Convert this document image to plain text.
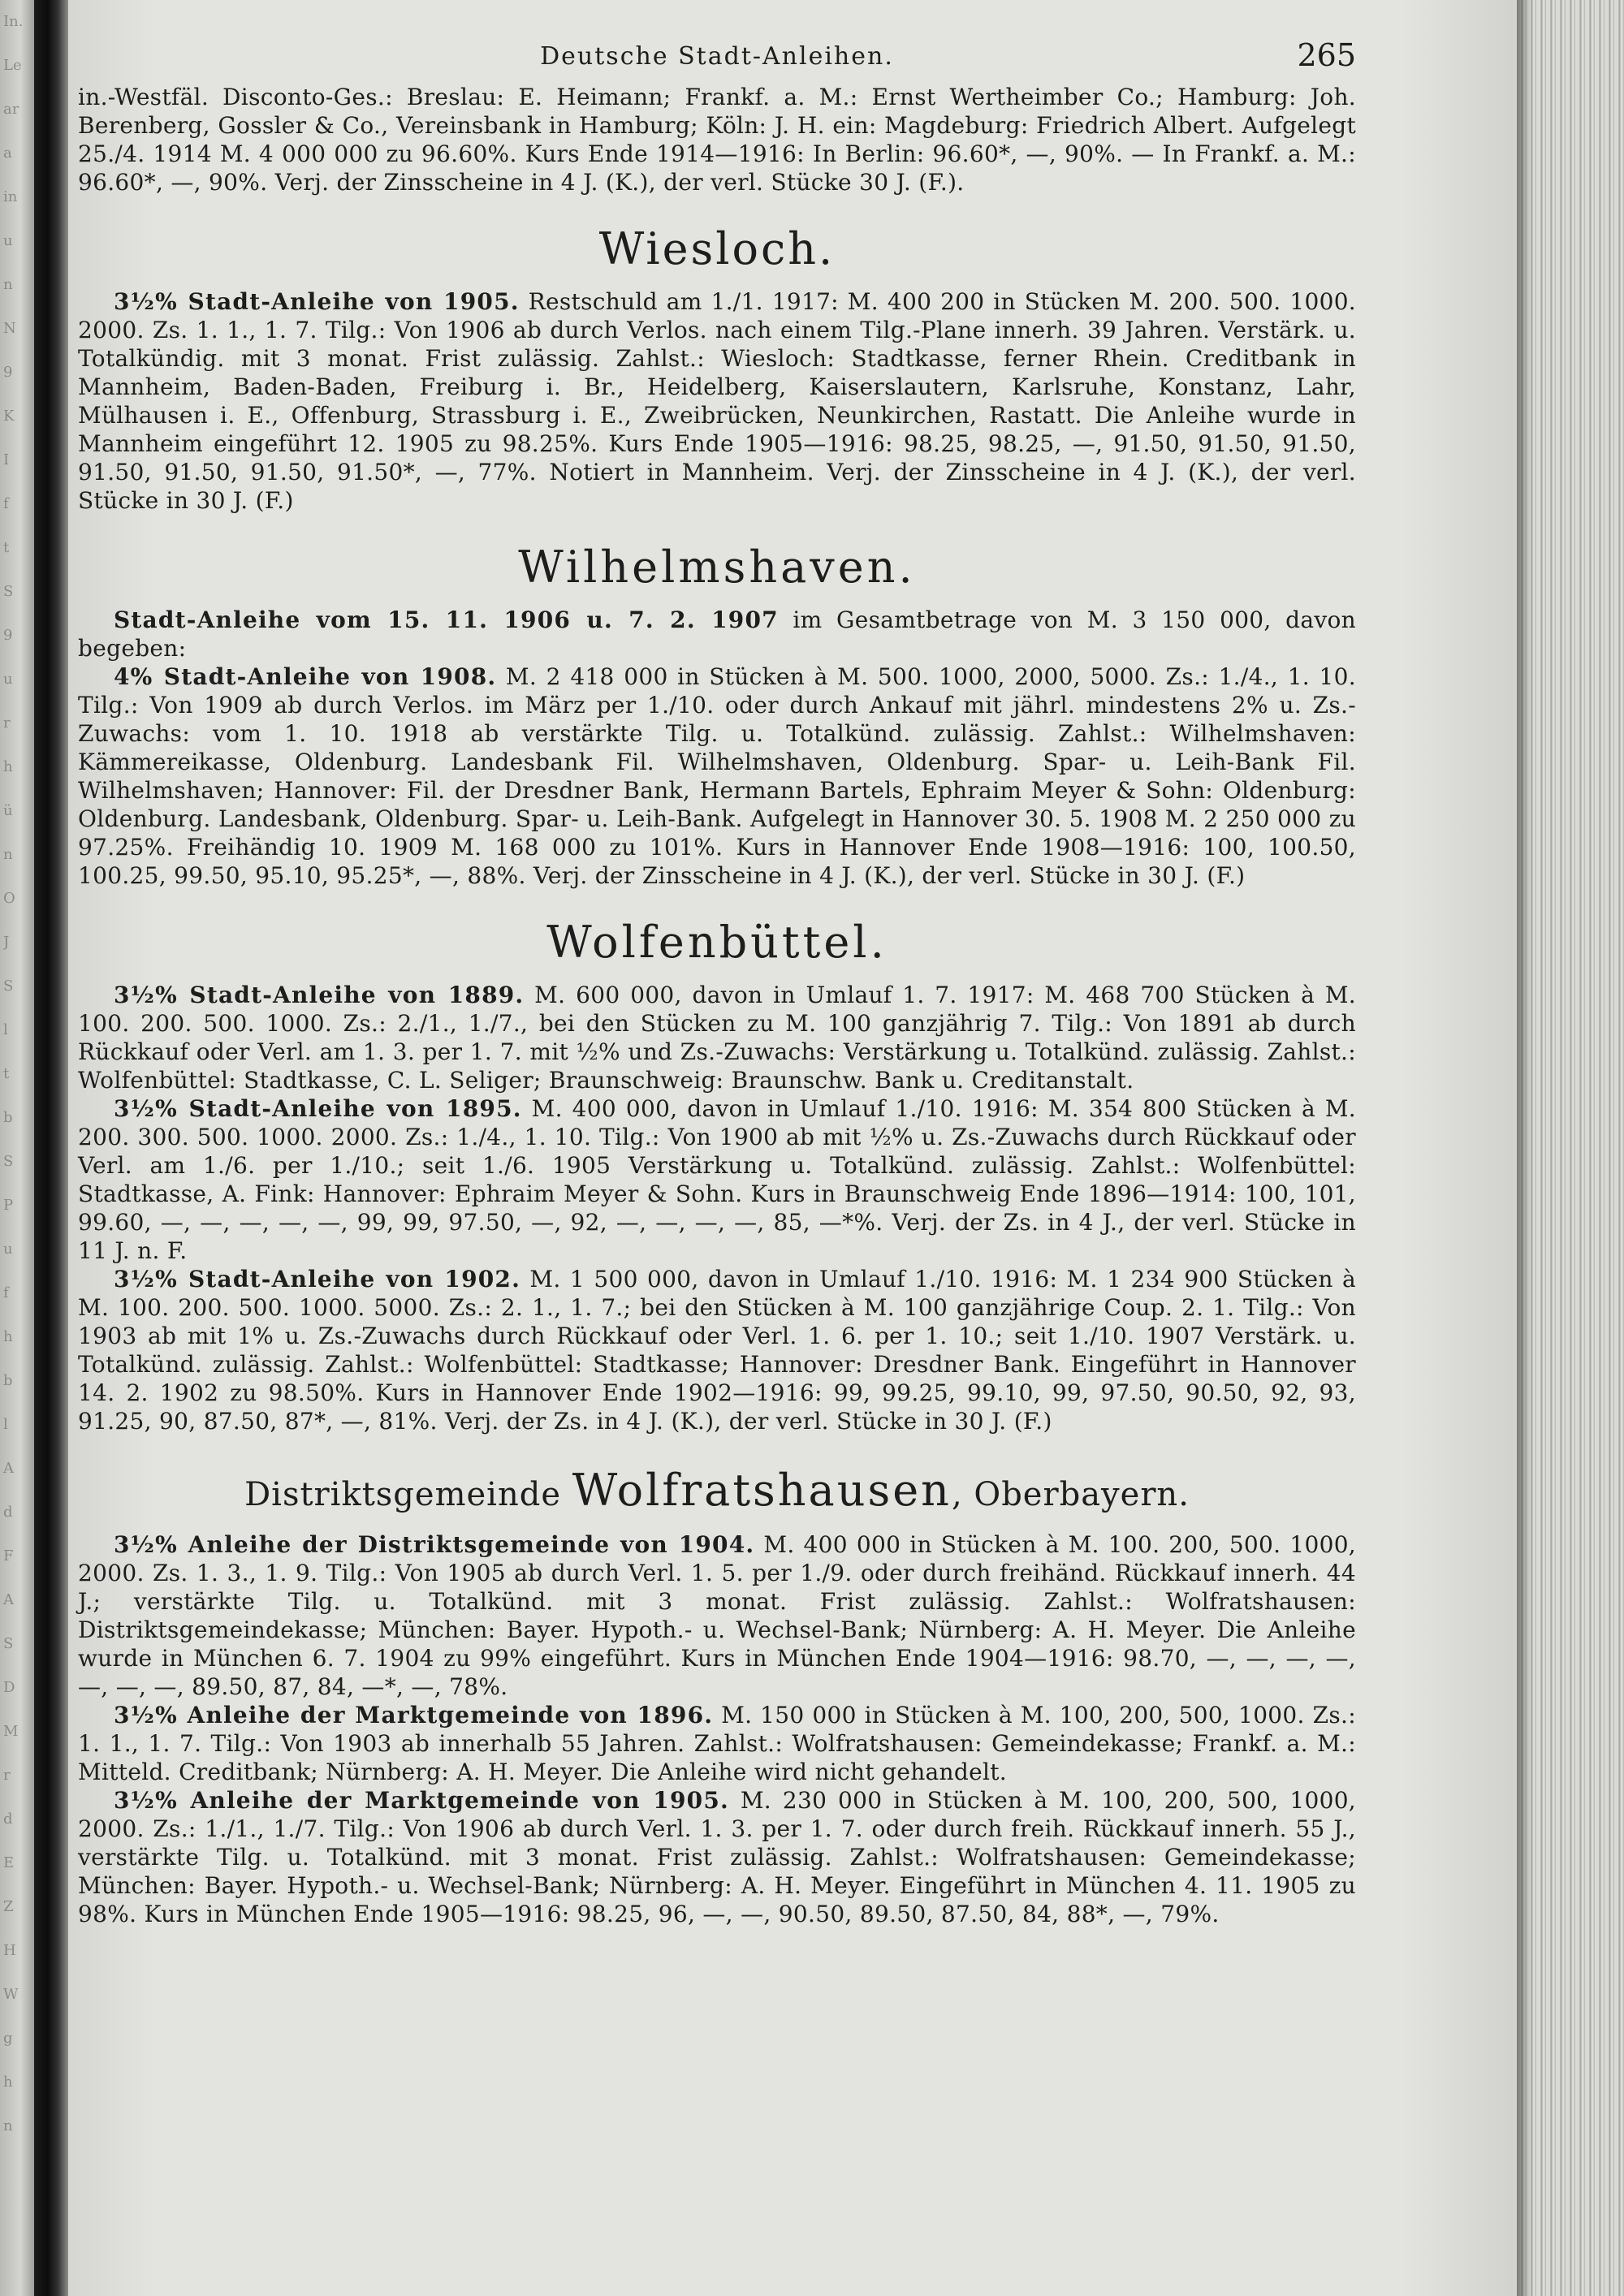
In.
Le
ar
a
in
u
n
N
9
K
I
f
t
S
9
u
r
h
ü
n
O
J
S
l
t
b
S
P
u
f
h
b
l
A
d
F
A
S
D
M
r
d
E
Z
H
W
g
h
n
Deutsche Stadt-Anleihen.	265

in.-Westfäl. Disconto-Ges.: Breslau: E. Heimann; Frankf. a. M.: Ernst Wertheimber Co.; Hamburg: Joh. Berenberg, Gossler & Co., Vereinsbank in Hamburg; Köln: J. H. ein: Magdeburg: Friedrich Albert. Aufgelegt 25./4. 1914 M. 4 000 000 zu 96.60%. Kurs Ende 1914—1916: In Berlin: 96.60*, —, 90%. — In Frankf. a. M.: 96.60*, —, 90%. Verj. der Zinsscheine in 4 J. (K.), der verl. Stücke 30 J. (F.).

Wiesloch.

3½% Stadt-Anleihe von 1905. Restschuld am 1./1. 1917: M. 400 200 in Stücken M. 200. 500. 1000. 2000. Zs. 1. 1., 1. 7. Tilg.: Von 1906 ab durch Verlos. nach einem Tilg.-Plane innerh. 39 Jahren. Verstärk. u. Totalkündig. mit 3 monat. Frist zulässig. Zahlst.: Wiesloch: Stadtkasse, ferner Rhein. Creditbank in Mannheim, Baden-Baden, Freiburg i. Br., Heidelberg, Kaiserslautern, Karlsruhe, Konstanz, Lahr, Mülhausen i. E., Offenburg, Strassburg i. E., Zweibrücken, Neunkirchen, Rastatt. Die Anleihe wurde in Mannheim eingeführt 12. 1905 zu 98.25%. Kurs Ende 1905—1916: 98.25, 98.25, —, 91.50, 91.50, 91.50, 91.50, 91.50, 91.50, 91.50*, —, 77%. Notiert in Mannheim. Verj. der Zinsscheine in 4 J. (K.), der verl. Stücke in 30 J. (F.)

Wilhelmshaven.

Stadt-Anleihe vom 15. 11. 1906 u. 7. 2. 1907 im Gesamtbetrage von M. 3 150 000, davon begeben:

4% Stadt-Anleihe von 1908. M. 2 418 000 in Stücken à M. 500. 1000, 2000, 5000. Zs.: 1./4., 1. 10. Tilg.: Von 1909 ab durch Verlos. im März per 1./10. oder durch Ankauf mit jährl. mindestens 2% u. Zs.-Zuwachs: vom 1. 10. 1918 ab verstärkte Tilg. u. Totalkünd. zulässig. Zahlst.: Wilhelmshaven: Kämmereikasse, Oldenburg. Landesbank Fil. Wilhelmshaven, Oldenburg. Spar- u. Leih-Bank Fil. Wilhelmshaven; Hannover: Fil. der Dresdner Bank, Hermann Bartels, Ephraim Meyer & Sohn: Oldenburg: Oldenburg. Landesbank, Oldenburg. Spar- u. Leih-Bank. Aufgelegt in Hannover 30. 5. 1908 M. 2 250 000 zu 97.25%. Freihändig 10. 1909 M. 168 000 zu 101%. Kurs in Hannover Ende 1908—1916: 100, 100.50, 100.25, 99.50, 95.10, 95.25*, —, 88%. Verj. der Zinsscheine in 4 J. (K.), der verl. Stücke in 30 J. (F.)

Wolfenbüttel.

3½% Stadt-Anleihe von 1889. M. 600 000, davon in Umlauf 1. 7. 1917: M. 468 700 Stücken à M. 100. 200. 500. 1000. Zs.: 2./1., 1./7., bei den Stücken zu M. 100 ganzjährig 7. Tilg.: Von 1891 ab durch Rückkauf oder Verl. am 1. 3. per 1. 7. mit ½% und Zs.-Zuwachs: Verstärkung u. Totalkünd. zulässig. Zahlst.: Wolfenbüttel: Stadtkasse, C. L. Seliger; Braunschweig: Braunschw. Bank u. Creditanstalt.

3½% Stadt-Anleihe von 1895. M. 400 000, davon in Umlauf 1./10. 1916: M. 354 800 Stücken à M. 200. 300. 500. 1000. 2000. Zs.: 1./4., 1. 10. Tilg.: Von 1900 ab mit ½% u. Zs.-Zuwachs durch Rückkauf oder Verl. am 1./6. per 1./10.; seit 1./6. 1905 Verstärkung u. Totalkünd. zulässig. Zahlst.: Wolfenbüttel: Stadtkasse, A. Fink: Hannover: Ephraim Meyer & Sohn. Kurs in Braunschweig Ende 1896—1914: 100, 101, 99.60, —, —, —, —, —, 99, 99, 97.50, —, 92, —, —, —, —, 85, —*%. Verj. der Zs. in 4 J., der verl. Stücke in 11 J. n. F.

3½% Stadt-Anleihe von 1902. M. 1 500 000, davon in Umlauf 1./10. 1916: M. 1 234 900 Stücken à M. 100. 200. 500. 1000. 5000. Zs.: 2. 1., 1. 7.; bei den Stücken à M. 100 ganzjährige Coup. 2. 1. Tilg.: Von 1903 ab mit 1% u. Zs.-Zuwachs durch Rückkauf oder Verl. 1. 6. per 1. 10.; seit 1./10. 1907 Verstärk. u. Totalkünd. zulässig. Zahlst.: Wolfenbüttel: Stadtkasse; Hannover: Dresdner Bank. Eingeführt in Hannover 14. 2. 1902 zu 98.50%. Kurs in Hannover Ende 1902—1916: 99, 99.25, 99.10, 99, 97.50, 90.50, 92, 93, 91.25, 90, 87.50, 87*, —, 81%. Verj. der Zs. in 4 J. (K.), der verl. Stücke in 30 J. (F.)

Distriktsgemeinde Wolfratshausen, Oberbayern.

3½% Anleihe der Distriktsgemeinde von 1904. M. 400 000 in Stücken à M. 100. 200, 500. 1000, 2000. Zs. 1. 3., 1. 9. Tilg.: Von 1905 ab durch Verl. 1. 5. per 1./9. oder durch freihänd. Rückkauf innerh. 44 J.; verstärkte Tilg. u. Totalkünd. mit 3 monat. Frist zulässig. Zahlst.: Wolfratshausen: Distriktsgemeindekasse; München: Bayer. Hypoth.- u. Wechsel-Bank; Nürnberg: A. H. Meyer. Die Anleihe wurde in München 6. 7. 1904 zu 99% eingeführt. Kurs in München Ende 1904—1916: 98.70, —, —, —, —, —, —, —, 89.50, 87, 84, —*, —, 78%.

3½% Anleihe der Marktgemeinde von 1896. M. 150 000 in Stücken à M. 100, 200, 500, 1000. Zs.: 1. 1., 1. 7. Tilg.: Von 1903 ab innerhalb 55 Jahren. Zahlst.: Wolfratshausen: Gemeindekasse; Frankf. a. M.: Mitteld. Creditbank; Nürnberg: A. H. Meyer. Die Anleihe wird nicht gehandelt.

3½% Anleihe der Marktgemeinde von 1905. M. 230 000 in Stücken à M. 100, 200, 500, 1000, 2000. Zs.: 1./1., 1./7. Tilg.: Von 1906 ab durch Verl. 1. 3. per 1. 7. oder durch freih. Rückkauf innerh. 55 J., verstärkte Tilg. u. Totalkünd. mit 3 monat. Frist zulässig. Zahlst.: Wolfratshausen: Gemeindekasse; München: Bayer. Hypoth.- u. Wechsel-Bank; Nürnberg: A. H. Meyer. Eingeführt in München 4. 11. 1905 zu 98%. Kurs in München Ende 1905—1916: 98.25, 96, —, —, 90.50, 89.50, 87.50, 84, 88*, —, 79%.
